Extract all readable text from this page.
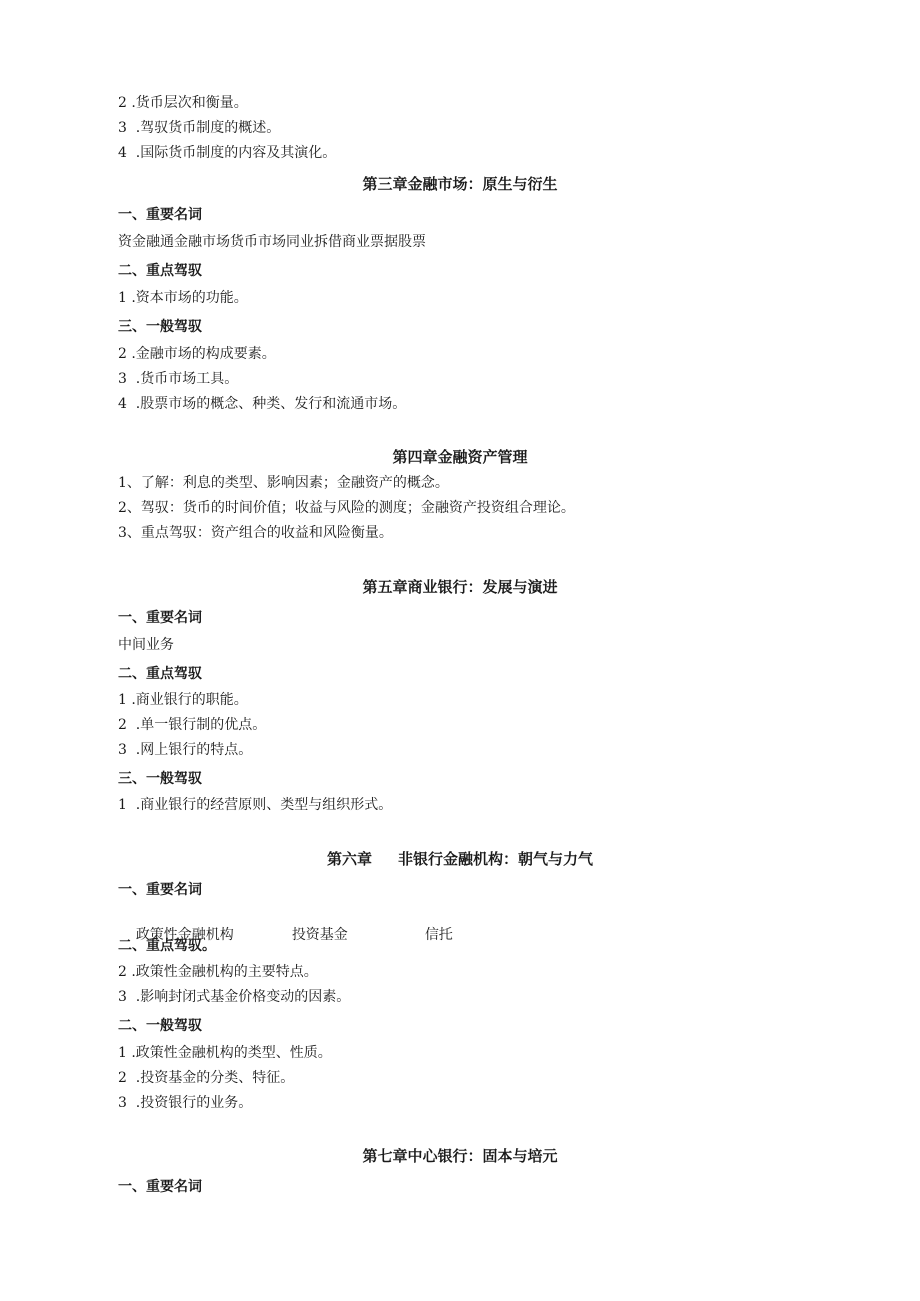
2 .货币层次和衡量。
3  .驾驭货币制度的概述。
4  .国际货币制度的内容及其演化。
第三章金融市场：原生与衍生
一、重要名词
资金融通金融市场货币市场同业拆借商业票据股票
二、重点驾驭
1 .资本市场的功能。
三、一般驾驭
2 .金融市场的构成要素。
3  .货币市场工具。
4  .股票市场的概念、种类、发行和流通市场。
第四章金融资产管理
1、了解：利息的类型、影响因素；金融资产的概念。
2、驾驭：货币的时间价值；收益与风险的测度；金融资产投资组合理论。
3、重点驾驭：资产组合的收益和风险衡量。
第五章商业银行：发展与演进
一、重要名词
中间业务
二、重点驾驭
1 .商业银行的职能。
2  .单一银行制的优点。
3  .网上银行的特点。
三、一般驾驭
1  .商业银行的经营原则、类型与组织形式。
第六章 非银行金融机构：朝气与力气
一、重要名词

政策性金融机构	投资基金	信托

二、重点驾驭。
2 .政策性金融机构的主要特点。
3  .影响封闭式基金价格变动的因素。
二、一般驾驭
1 .政策性金融机构的类型、性质。
2  .投资基金的分类、特征。
3  .投资银行的业务。
第七章中心银行：固本与培元
一、重要名词
